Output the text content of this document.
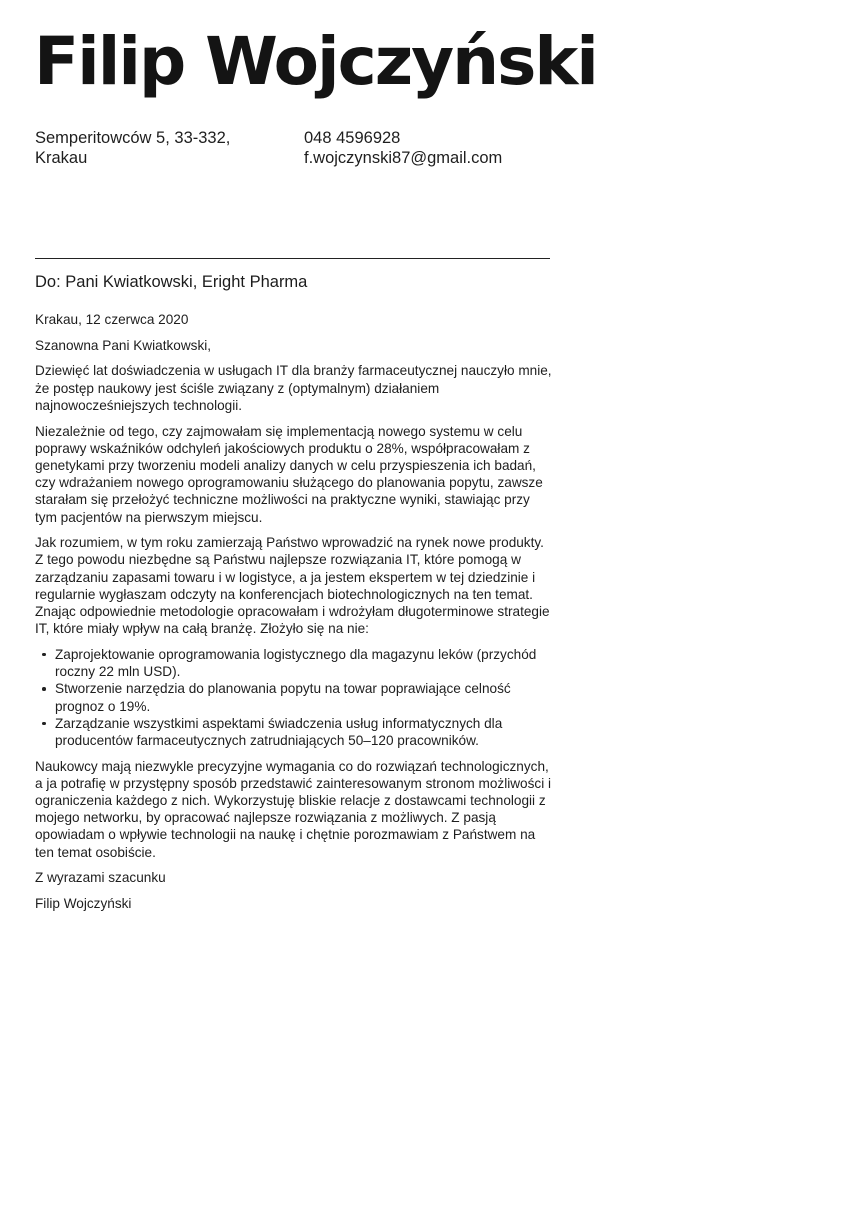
Filip Wojczyński
Semperitowców 5, 33-332,
Krakau
048 4596928
f.wojczynski87@gmail.com
Do: Pani Kwiatkowski, Eright Pharma

Krakau, 12 czerwca 2020

Szanowna Pani Kwiatkowski,

Dziewięć lat doświadczenia w usługach IT dla branży farmaceutycznej nauczyło mnie, że postęp naukowy jest ściśle związany z (optymalnym) działaniem najnowocześniejszych technologii.

Niezależnie od tego, czy zajmowałam się implementacją nowego systemu w celu poprawy wskaźników odchyleń jakościowych produktu o 28%, współpracowałam z genetykami przy tworzeniu modeli analizy danych w celu przyspieszenia ich badań, czy wdrażaniem nowego oprogramowaniu służącego do planowania popytu, zawsze starałam się przełożyć techniczne możliwości na praktyczne wyniki, stawiając przy tym pacjentów na pierwszym miejscu.

Jak rozumiem, w tym roku zamierzają Państwo wprowadzić na rynek nowe produkty. Z tego powodu niezbędne są Państwu najlepsze rozwiązania IT, które pomogą w zarządzaniu zapasami towaru i w logistyce, a ja jestem ekspertem w tej dziedzinie i regularnie wygłaszam odczyty na konferencjach biotechnologicznych na ten temat. Znając odpowiednie metodologie opracowałam i wdrożyłam długoterminowe strategie IT, które miały wpływ na całą branżę. Złożyło się na nie:

Zaprojektowanie oprogramowania logistycznego dla magazynu leków (przychód roczny 22 mln USD).
Stworzenie narzędzia do planowania popytu na towar poprawiające celność prognoz o 19%.
Zarządzanie wszystkimi aspektami świadczenia usług informatycznych dla producentów farmaceutycznych zatrudniających 50–120 pracowników.

Naukowcy mają niezwykle precyzyjne wymagania co do rozwiązań technologicznych, a ja potrafię w przystępny sposób przedstawić zainteresowanym stronom możliwości i ograniczenia każdego z nich. Wykorzystuję bliskie relacje z dostawcami technologii z mojego networku, by opracować najlepsze rozwiązania z możliwych. Z pasją opowiadam o wpływie technologii na naukę i chętnie porozmawiam z Państwem na ten temat osobiście.

Z wyrazami szacunku

Filip Wojczyński
